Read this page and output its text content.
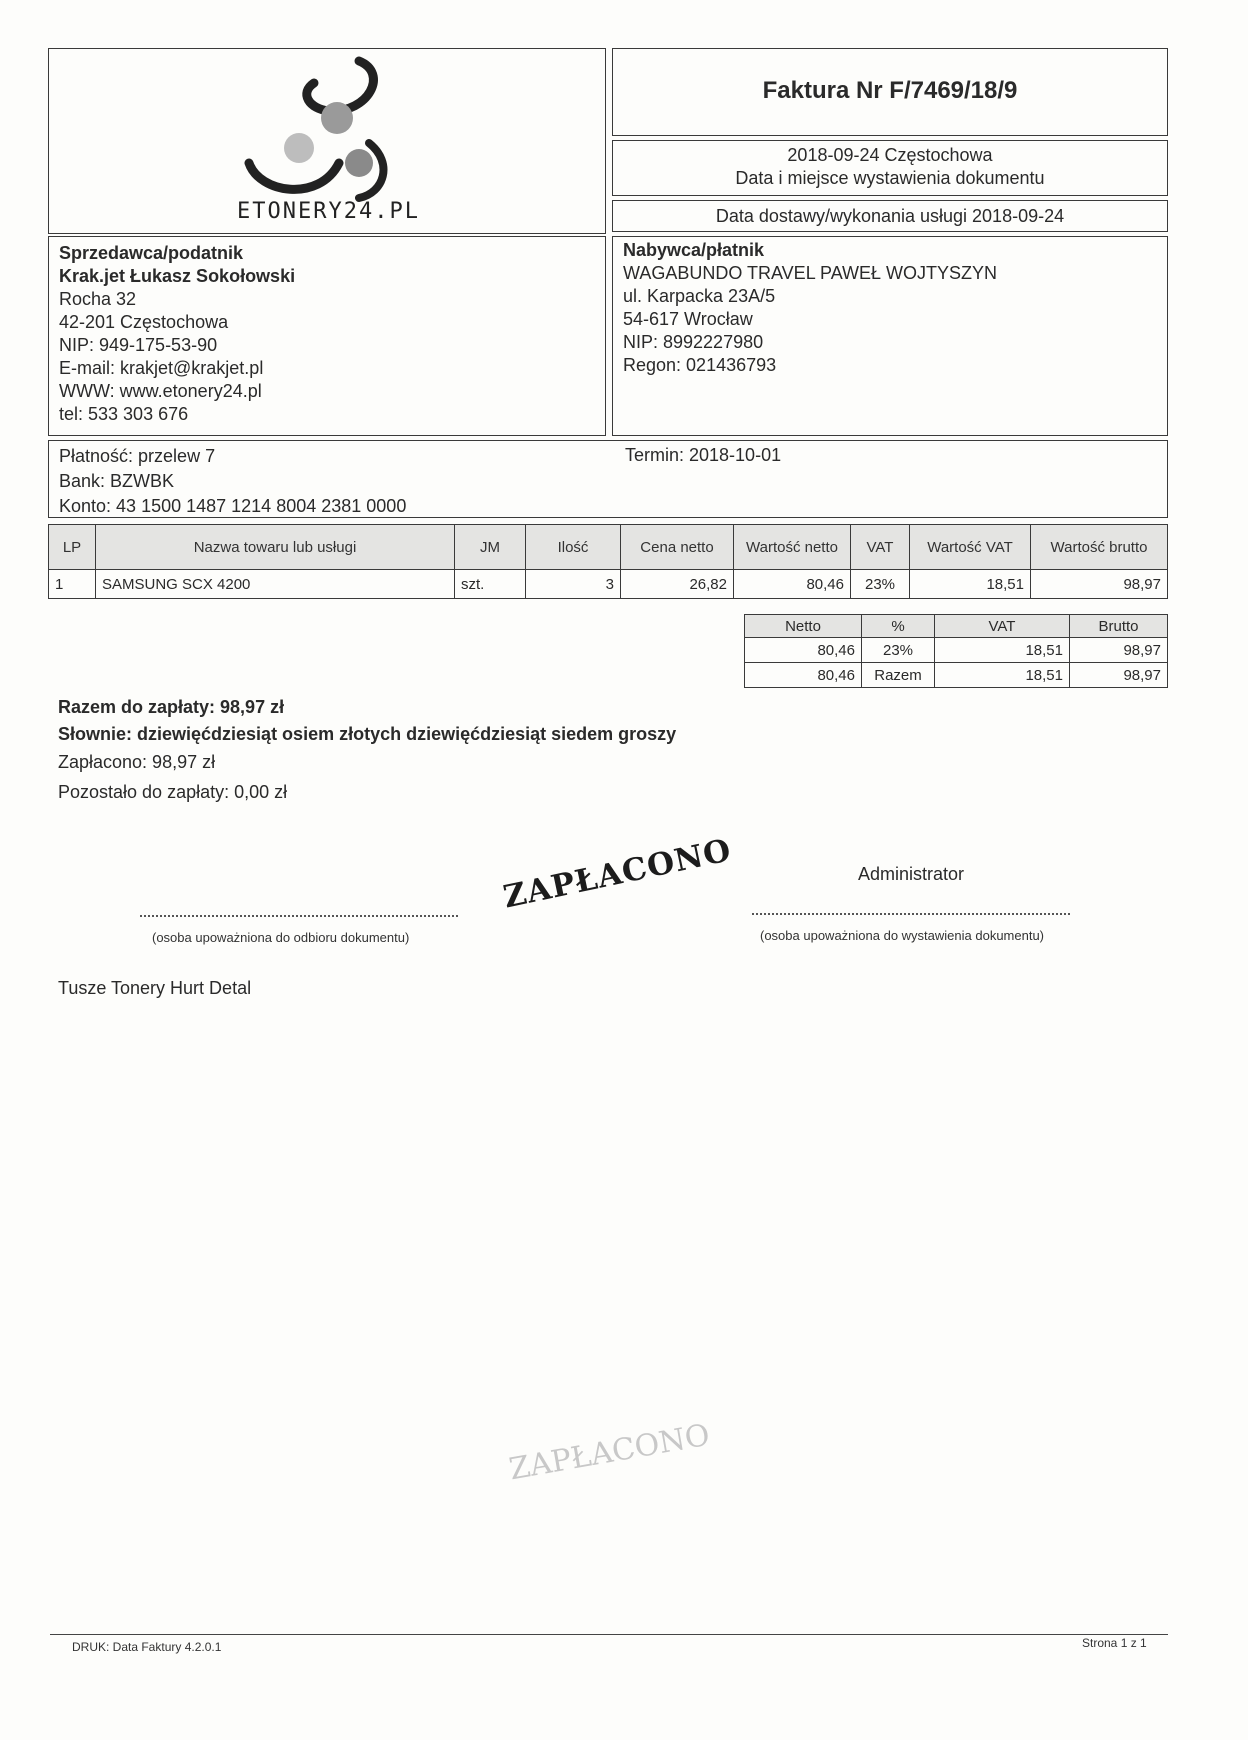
ETONERY24.PL
Faktura Nr F/7469/18/9
2018-09-24 Częstochowa
Data i miejsce wystawienia dokumentu
Data dostawy/wykonania usługi 2018-09-24
Sprzedawca/podatnik
Krak.jet Łukasz Sokołowski
Rocha 32
42-201 Częstochowa
NIP: 949-175-53-90
E-mail: krakjet@krakjet.pl
WWW: www.etonery24.pl
tel: 533 303 676
Nabywca/płatnik
WAGABUNDO TRAVEL PAWEŁ WOJTYSZYN
ul. Karpacka 23A/5
54-617 Wrocław
NIP: 8992227980
Regon: 021436793
Płatność: przelew 7
Bank: BZWBK
Konto: 43 1500 1487 1214 8004 2381 0000
Termin: 2018-10-01
LP	Nazwa towaru lub usługi	JM	Ilość	Cena netto	Wartość netto	VAT	Wartość VAT	Wartość brutto
1	SAMSUNG SCX 4200	szt.	3	26,82	80,46	23%	18,51	98,97
Netto	%	VAT	Brutto
80,46	23%	18,51	98,97
80,46	Razem	18,51	98,97
Razem do zapłaty: 98,97 zł
Słownie: dziewięćdziesiąt osiem złotych dziewięćdziesiąt siedem groszy
Zapłacono: 98,97 zł
Pozostało do zapłaty: 0,00 zł
Administrator
(osoba upoważniona do odbioru dokumentu)	(osoba upoważniona do wystawienia dokumentu)
ZAPŁACONO
Tusze Tonery Hurt Detal
ZAPŁACONO
DRUK: Data Faktury 4.2.0.1	Strona 1 z 1
